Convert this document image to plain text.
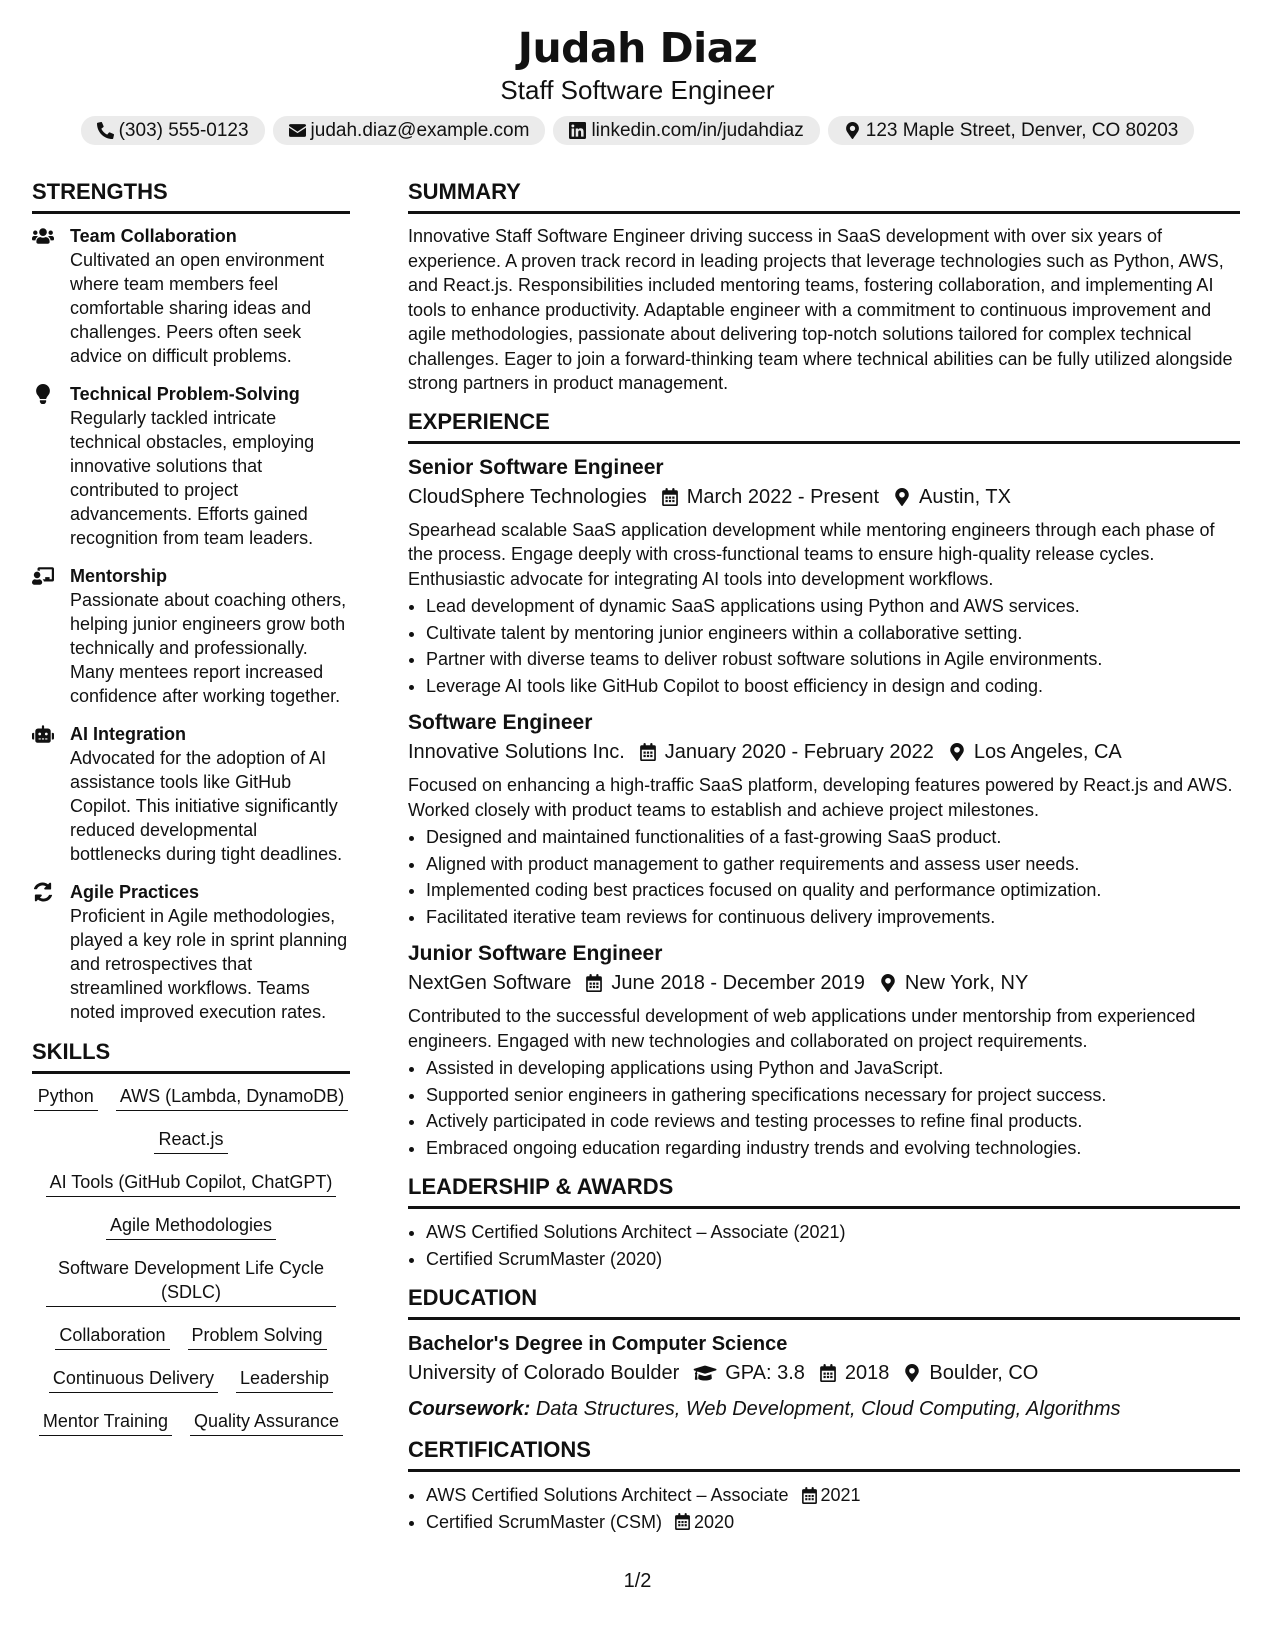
Judah Diaz
Staff Software Engineer
(303) 555-0123	judah.diaz@example.com	linkedin.com/in/judahdiaz	123 Maple Street, Denver, CO 80203
STRENGTHS
Team Collaboration
Cultivated an open environment where team members feel comfortable sharing ideas and challenges. Peers often seek advice on difficult problems.
Technical Problem-Solving
Regularly tackled intricate technical obstacles, employing innovative solutions that contributed to project advancements. Efforts gained recognition from team leaders.
Mentorship
Passionate about coaching others, helping junior engineers grow both technically and professionally. Many mentees report increased confidence after working together.
AI Integration
Advocated for the adoption of AI assistance tools like GitHub Copilot. This initiative significantly reduced developmental bottlenecks during tight deadlines.
Agile Practices
Proficient in Agile methodologies, played a key role in sprint planning and retrospectives that streamlined workflows. Teams noted improved execution rates.
SKILLS
Python AWS (Lambda, DynamoDB)
React.js
AI Tools (GitHub Copilot, ChatGPT)
Agile Methodologies
Software Development Life Cycle (SDLC)
Collaboration Problem Solving
Continuous Delivery Leadership
Mentor Training Quality Assurance
SUMMARY
Innovative Staff Software Engineer driving success in SaaS development with over six years of experience. A proven track record in leading projects that leverage technologies such as Python, AWS, and React.js. Responsibilities included mentoring teams, fostering collaboration, and implementing AI tools to enhance productivity. Adaptable engineer with a commitment to continuous improvement and agile methodologies, passionate about delivering top-notch solutions tailored for complex technical challenges. Eager to join a forward-thinking team where technical abilities can be fully utilized alongside strong partners in product management.
EXPERIENCE
Senior Software Engineer
CloudSphere Technologies March 2022 - Present Austin, TX
Spearhead scalable SaaS application development while mentoring engineers through each phase of the process. Engage deeply with cross-functional teams to ensure high-quality release cycles. Enthusiastic advocate for integrating AI tools into development workflows.
• Lead development of dynamic SaaS applications using Python and AWS services.
• Cultivate talent by mentoring junior engineers within a collaborative setting.
• Partner with diverse teams to deliver robust software solutions in Agile environments.
• Leverage AI tools like GitHub Copilot to boost efficiency in design and coding.
Software Engineer
Innovative Solutions Inc. January 2020 - February 2022 Los Angeles, CA
Focused on enhancing a high-traffic SaaS platform, developing features powered by React.js and AWS. Worked closely with product teams to establish and achieve project milestones.
• Designed and maintained functionalities of a fast-growing SaaS product.
• Aligned with product management to gather requirements and assess user needs.
• Implemented coding best practices focused on quality and performance optimization.
• Facilitated iterative team reviews for continuous delivery improvements.
Junior Software Engineer
NextGen Software June 2018 - December 2019 New York, NY
Contributed to the successful development of web applications under mentorship from experienced engineers. Engaged with new technologies and collaborated on project requirements.
• Assisted in developing applications using Python and JavaScript.
• Supported senior engineers in gathering specifications necessary for project success.
• Actively participated in code reviews and testing processes to refine final products.
• Embraced ongoing education regarding industry trends and evolving technologies.
LEADERSHIP & AWARDS
• AWS Certified Solutions Architect – Associate (2021)
• Certified ScrumMaster (2020)
EDUCATION
Bachelor's Degree in Computer Science
University of Colorado Boulder GPA: 3.8 2018 Boulder, CO
Coursework: Data Structures, Web Development, Cloud Computing, Algorithms
CERTIFICATIONS
• AWS Certified Solutions Architect – Associate 2021
• Certified ScrumMaster (CSM) 2020
1/2
